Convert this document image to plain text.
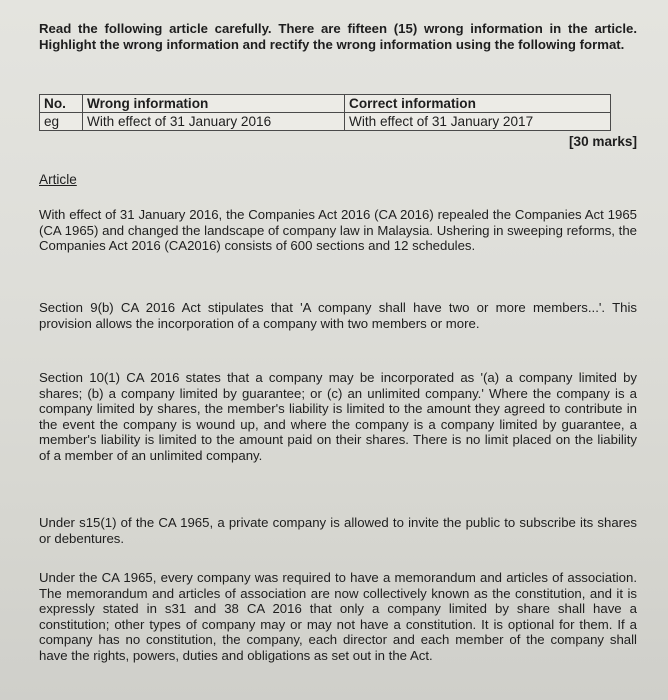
Read the following article carefully. There are fifteen (15) wrong information in the article. Highlight the wrong information and rectify the wrong information using the following format.
No.	Wrong information	Correct information
eg	With effect of 31 January 2016	With effect of 31 January 2017
[30 marks]
Article
With effect of 31 January 2016, the Companies Act 2016 (CA 2016) repealed the Companies Act 1965 (CA 1965) and changed the landscape of company law in Malaysia. Ushering in sweeping reforms, the Companies Act 2016 (CA2016) consists of 600 sections and 12 schedules.
Section 9(b) CA 2016 Act stipulates that 'A company shall have two or more members...'. This provision allows the incorporation of a company with two members or more.
Section 10(1) CA 2016 states that a company may be incorporated as '(a) a company limited by shares; (b) a company limited by guarantee; or (c) an unlimited company.' Where the company is a company limited by shares, the member's liability is limited to the amount they agreed to contribute in the event the company is wound up, and where the company is a company limited by guarantee, a member's liability is limited to the amount paid on their shares. There is no limit placed on the liability of a member of an unlimited company.
Under s15(1) of the CA 1965, a private company is allowed to invite the public to subscribe its shares or debentures.
Under the CA 1965, every company was required to have a memorandum and articles of association. The memorandum and articles of association are now collectively known as the constitution, and it is expressly stated in s31 and 38 CA 2016 that only a company limited by share shall have a constitution; other types of company may or may not have a constitution. It is optional for them. If a company has no constitution, the company, each director and each member of the company shall have the rights, powers, duties and obligations as set out in the Act.
